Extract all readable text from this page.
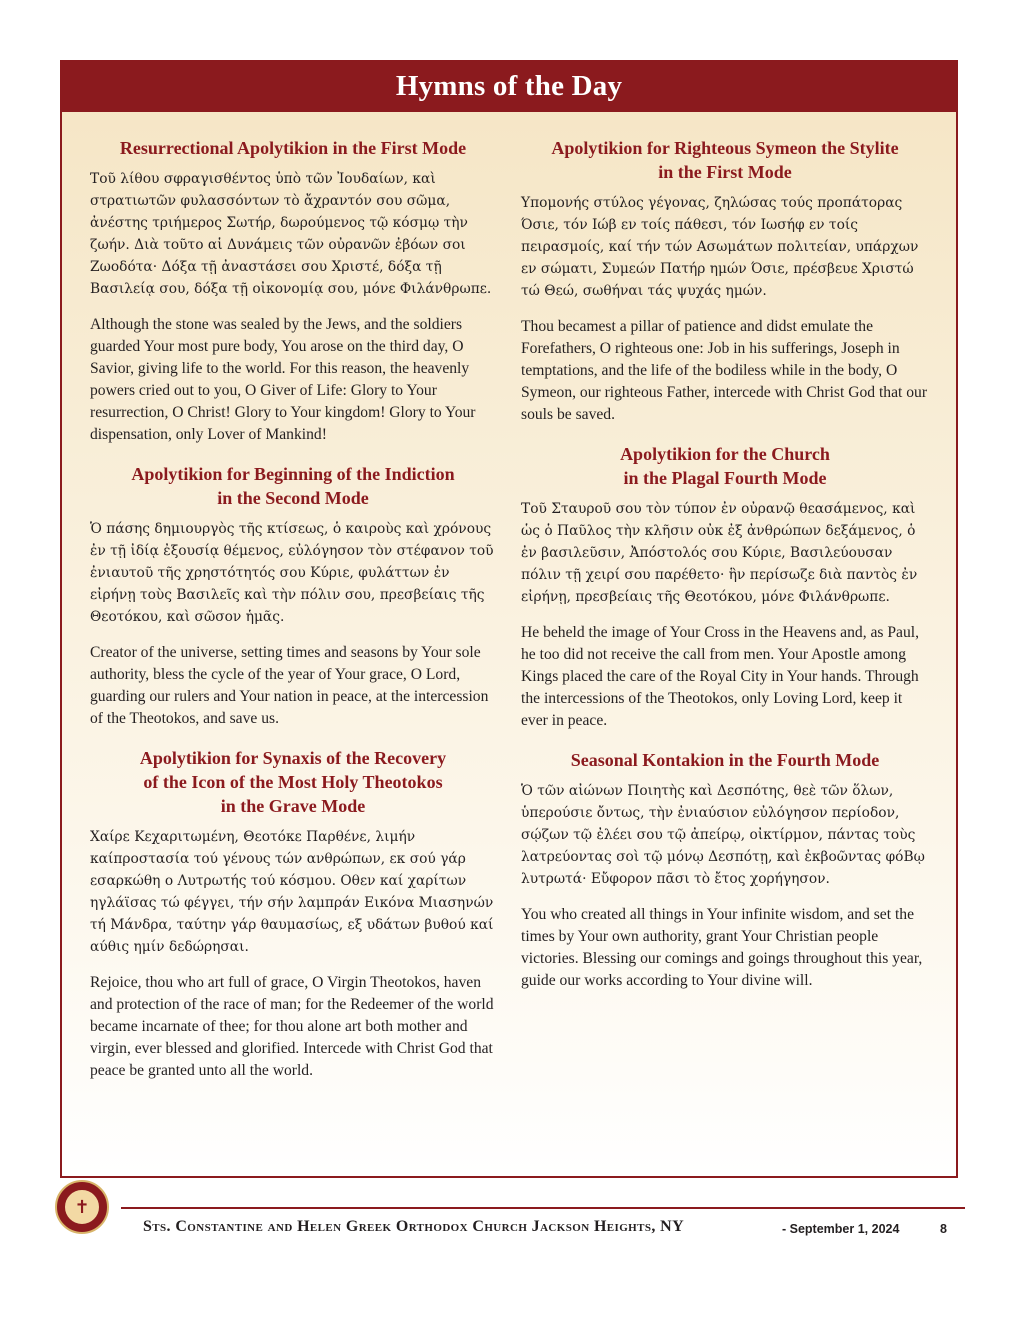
Hymns of the Day
Resurrectional Apolytikion in the First Mode

Τοῦ λίθου σφραγισθέντος ὑπὸ τῶν Ἰουδαίων, καὶ στρατιωτῶν φυλασσόντων τὸ ἄχραντόν σου σῶμα, ἀνέστης τριήμερος Σωτήρ, δωρούμενος τῷ κόσμῳ τὴν ζωήν. Διὰ τοῦτο αἱ Δυνάμεις τῶν οὐρανῶν ἐβόων σοι Ζωοδότα· Δόξα τῇ ἀναστάσει σου Χριστέ, δόξα τῇ Βασιλείᾳ σου, δόξα τῇ οἰκονομίᾳ σου, μόνε Φιλάνθρωπε.

Although the stone was sealed by the Jews, and the soldiers guarded Your most pure body, You arose on the third day, O Savior, giving life to the world. For this reason, the heavenly powers cried out to you, O Giver of Life: Glory to Your resurrection, O Christ! Glory to Your kingdom! Glory to Your dispensation, only Lover of Mankind!

Apolytikion for Beginning of the Indiction
in the Second Mode

Ὁ πάσης δημιουργὸς τῆς κτίσεως, ὁ καιροὺς καὶ χρόνους ἐν τῇ ἰδίᾳ ἐξουσίᾳ θέμενος, εὐλόγησον τὸν στέφανον τοῦ ἐνιαυτοῦ τῆς χρηστότητός σου Κύριε, φυλάττων ἐν εἰρήνῃ τοὺς Βασιλεῖς καὶ τὴν πόλιν σου, πρεσβείαις τῆς Θεοτόκου, καὶ σῶσον ἡμᾶς.

Creator of the universe, setting times and seasons by Your sole authority, bless the cycle of the year of Your grace, O Lord, guarding our rulers and Your nation in peace, at the intercession of the Theotokos, and save us.

Apolytikion for Synaxis of the Recovery
of the Icon of the Most Holy Theotokos
in the Grave Mode

Χαίρε Κεχαριτωμένη, Θεοτόκε Παρθένε, λιμήν καίπροστασία τού γένους τών ανθρώπων, εκ σού γάρ εσαρκώθη ο Λυτρωτής τού κόσμου. Οθεν καί χαρίτων ηγλάϊσας τώ φέγγει, τήν σήν λαμπράν Εικόνα Μιασηνών τή Μάνδρα, ταύτην γάρ θαυμασίως, εξ υδάτων βυθού καί αύθις ημίν δεδώρησαι.

Rejoice, thou who art full of grace, O Virgin Theotokos, haven and protection of the race of man; for the Redeemer of the world became incarnate of thee; for thou alone art both mother and virgin, ever blessed and glorified. Intercede with Christ God that peace be granted unto all the world.

Apolytikion for Righteous Symeon the Stylite
in the First Mode

Υπομονής στύλος γέγονας, ζηλώσας τούς προπάτορας Όσιε, τόν Ιώβ εν τοίς πάθεσι, τόν Ιωσήφ εν τοίς πειρασμοίς, καί τήν τών Ασωμάτων πολιτείαν, υπάρχων εν σώματι, Συμεών Πατήρ ημών Όσιε, πρέσβευε Χριστώ τώ Θεώ, σωθήναι τάς ψυχάς ημών.

Thou becamest a pillar of patience and didst emulate the Forefathers, O righteous one: Job in his sufferings, Joseph in temptations, and the life of the bodiless while in the body, O Symeon, our righteous Father, intercede with Christ God that our souls be saved.

Apolytikion for the Church
in the Plagal Fourth Mode

Τοῦ Σταυροῦ σου τὸν τύπον ἐν οὐρανῷ θεασάμενος, καὶ ὡς ὁ Παῦλος τὴν κλῆσιν οὐκ ἐξ ἀνθρώπων δεξάμενος, ὁ ἐν βασιλεῦσιν, Ἀπόστολός σου Κύριε, Βασιλεύουσαν πόλιν τῇ χειρί σου παρέθετο· ἣν περίσωζε διὰ παντὸς ἐν εἰρήνῃ, πρεσβείαις τῆς Θεοτόκου, μόνε Φιλάνθρωπε.

He beheld the image of Your Cross in the Heavens and, as Paul, he too did not receive the call from men. Your Apostle among Kings placed the care of the Royal City in Your hands. Through the intercessions of the Theotokos, only Loving Lord, keep it ever in peace.

Seasonal Kontakion in the Fourth Mode

Ὁ τῶν αἰώνων Ποιητὴς καὶ Δεσπότης, θεὲ τῶν ὅλων, ὑπερούσιε ὄντως, τὴν ἐνιαύσιον εὐλόγησον περίοδον, σῴζων τῷ ἐλέει σου τῷ ἀπείρῳ, οἰκτίρμον, πάντας τοὺς λατρεύοντας σοὶ τῷ μόνῳ Δεσπότῃ, καὶ ἐκβοῶντας φόΒῳ λυτρωτά· Εὔφορον πᾶσι τὸ ἔτος χορήγησον.

You who created all things in Your infinite wisdom, and set the times by Your own authority, grant Your Christian people victories. Blessing our comings and goings throughout this year, guide our works according to Your divine will.

✝
Sts. Constantine and Helen Greek Orthodox Church Jackson Heights, NY	- September 1, 2024	8
